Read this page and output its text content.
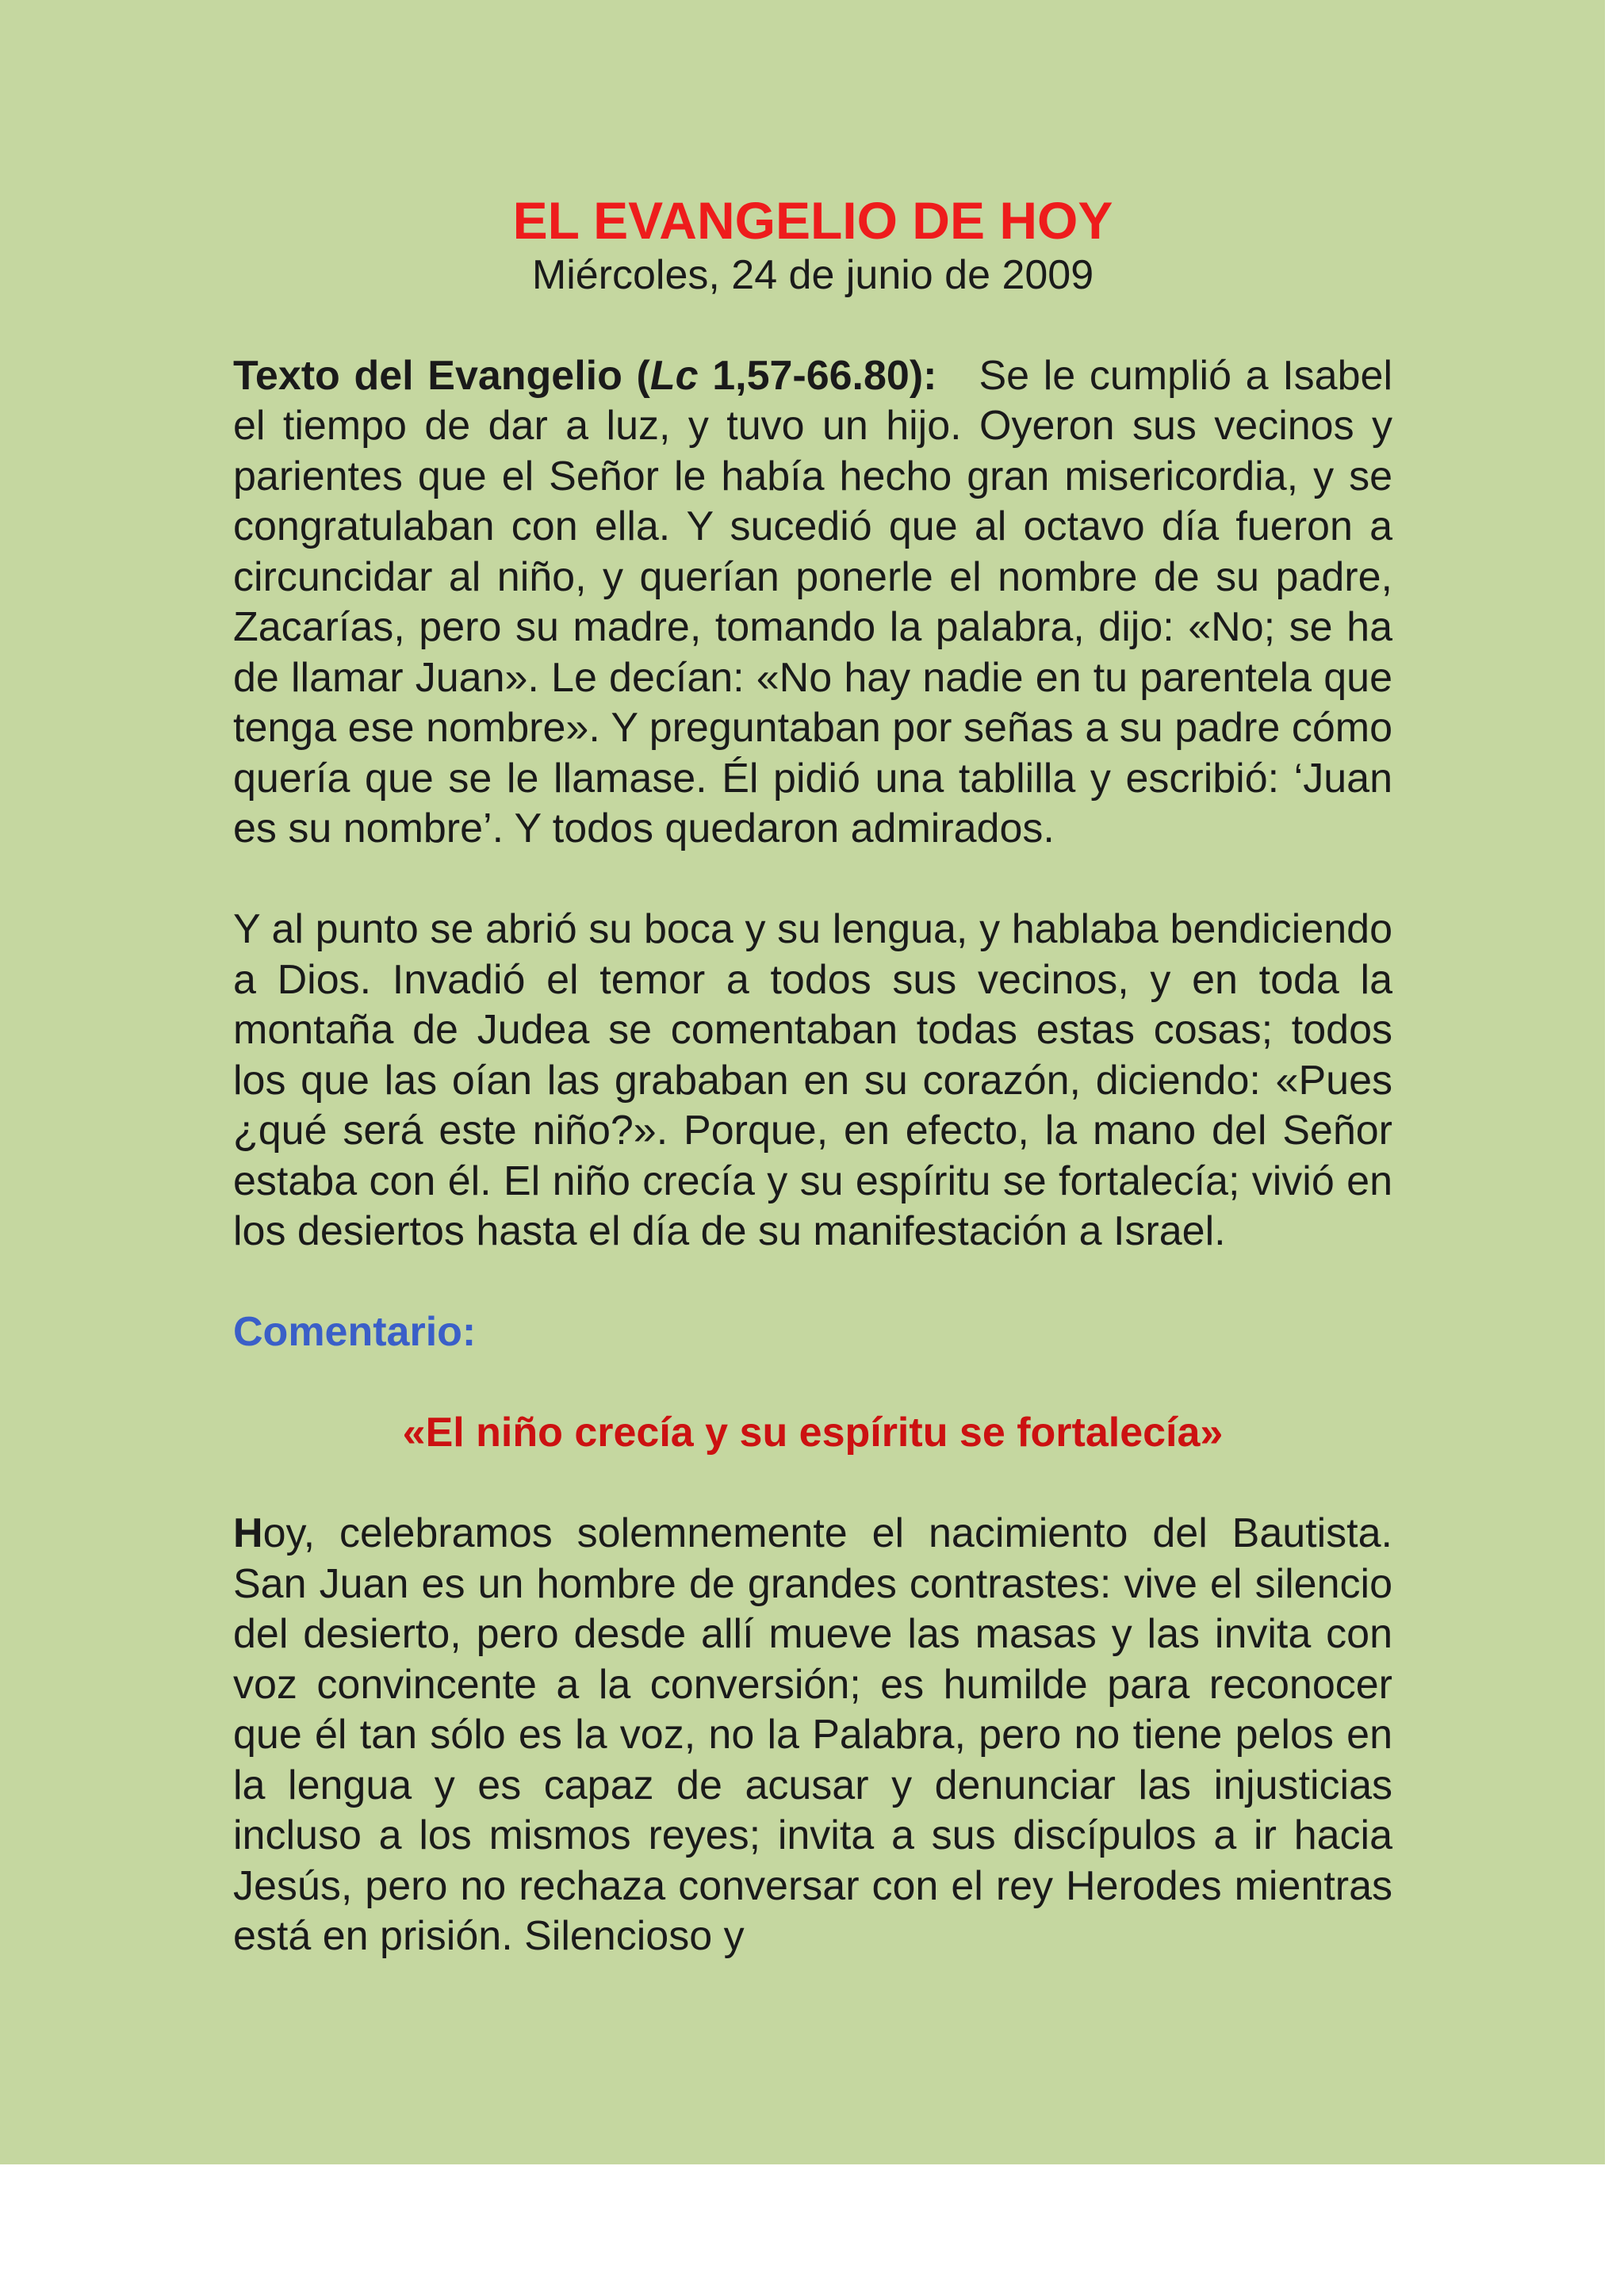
EL EVANGELIO DE HOY

Miércoles, 24 de junio de 2009

Texto del Evangelio (Lc 1,57-66.80): Se le cumplió a Isabel el tiempo de dar a luz, y tuvo un hijo. Oyeron sus vecinos y parientes que el Señor le había hecho gran misericordia, y se congratulaban con ella. Y sucedió que al octavo día fueron a circuncidar al niño, y querían ponerle el nombre de su padre, Zacarías, pero su madre, tomando la palabra, dijo: «No; se ha de llamar Juan». Le decían: «No hay nadie en tu parentela que tenga ese nombre». Y preguntaban por señas a su padre cómo quería que se le llamase. Él pidió una tablilla y escribió: ‘Juan es su nombre’. Y todos quedaron admirados.

Y al punto se abrió su boca y su lengua, y hablaba bendiciendo a Dios. Invadió el temor a todos sus vecinos, y en toda la montaña de Judea se comentaban todas estas cosas; todos los que las oían las grababan en su corazón, diciendo: «Pues ¿qué será este niño?». Porque, en efecto, la mano del Señor estaba con él. El niño crecía y su espíritu se fortalecía; vivió en los desiertos hasta el día de su manifestación a Israel.

Comentario:

«El niño crecía y su espíritu se fortalecía»

Hoy, celebramos solemnemente el nacimiento del Bautista. San Juan es un hombre de grandes contrastes: vive el silencio del desierto, pero desde allí mueve las masas y las invita con voz convincente a la conversión; es humilde para reconocer que él tan sólo es la voz, no la Palabra, pero no tiene pelos en la lengua y es capaz de acusar y denunciar las injusticias incluso a los mismos reyes; invita a sus discípulos a ir hacia Jesús, pero no rechaza conversar con el rey Herodes mientras está en prisión. Silencioso y
